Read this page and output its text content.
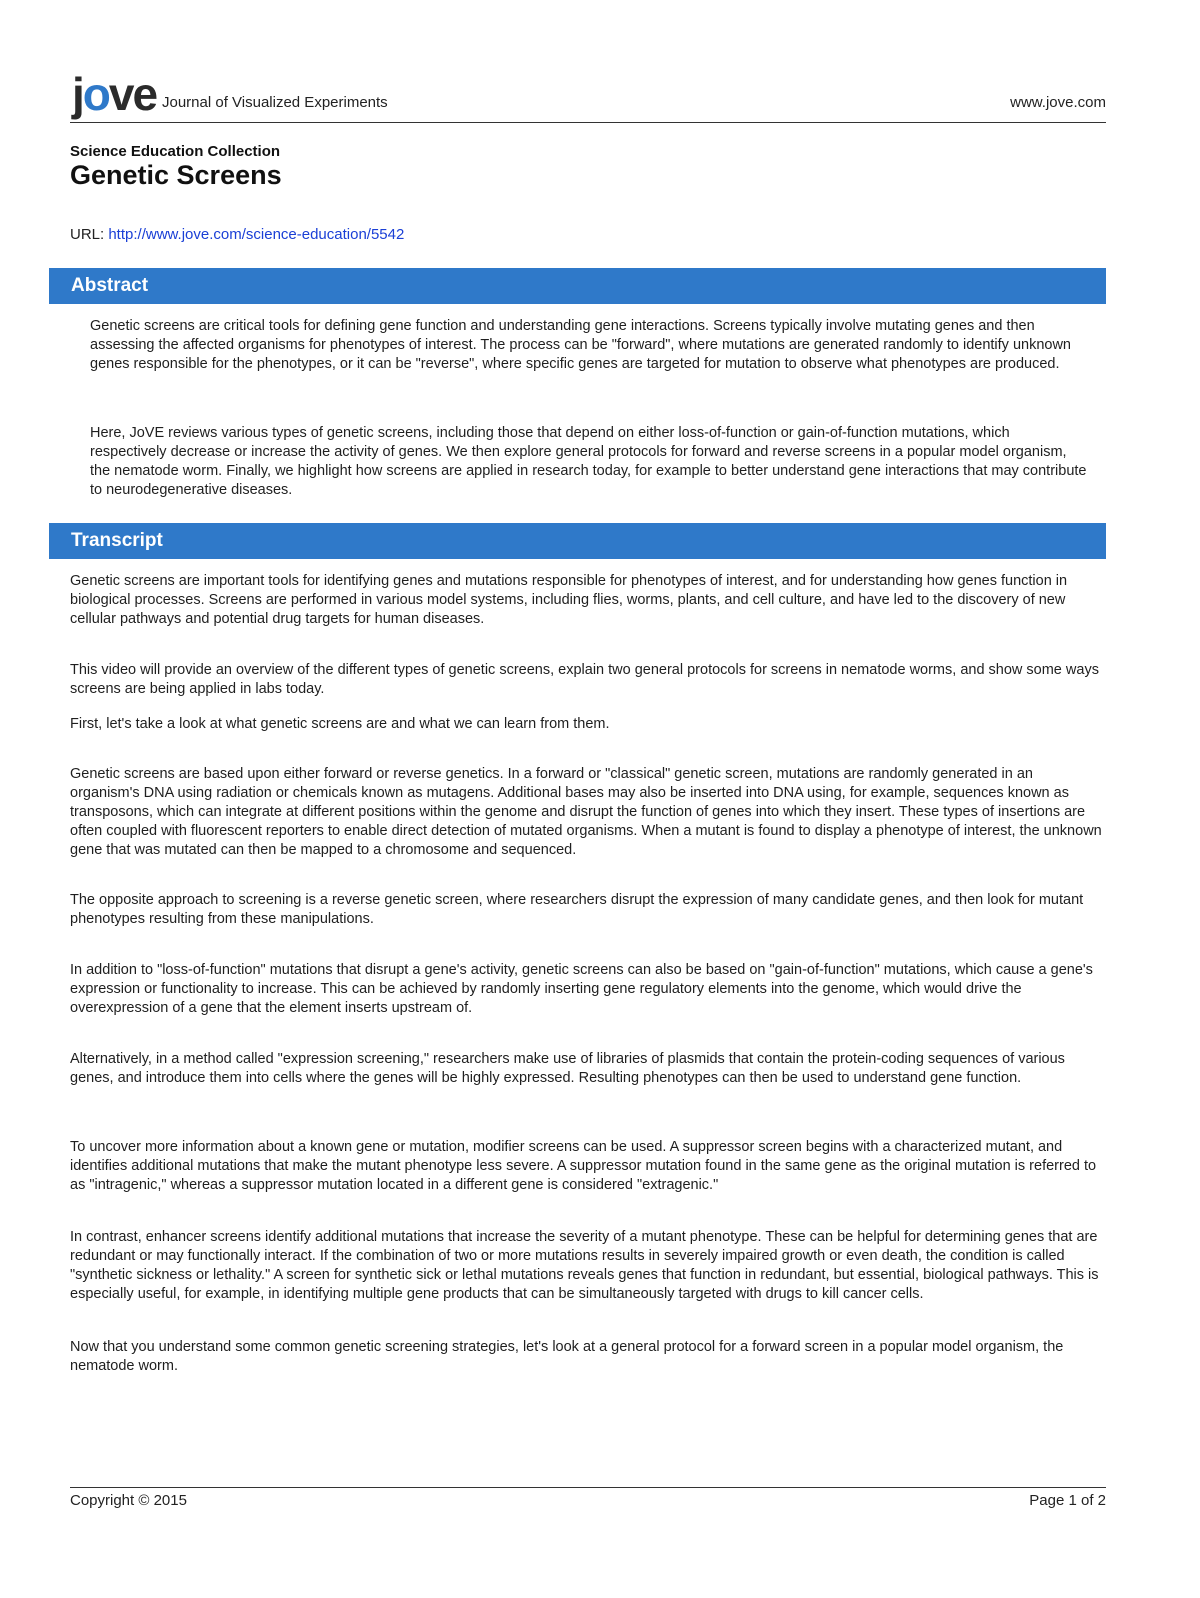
jove Journal of Visualized Experiments	www.jove.com
Science Education Collection
Genetic Screens
URL: http://www.jove.com/science-education/5542
Abstract

Genetic screens are critical tools for defining gene function and understanding gene interactions. Screens typically involve mutating genes and then assessing the affected organisms for phenotypes of interest. The process can be "forward", where mutations are generated randomly to identify unknown genes responsible for the phenotypes, or it can be "reverse", where specific genes are targeted for mutation to observe what phenotypes are produced.

Here, JoVE reviews various types of genetic screens, including those that depend on either loss-of-function or gain-of-function mutations, which respectively decrease or increase the activity of genes. We then explore general protocols for forward and reverse screens in a popular model organism, the nematode worm. Finally, we highlight how screens are applied in research today, for example to better understand gene interactions that may contribute to neurodegenerative diseases.

Transcript

Genetic screens are important tools for identifying genes and mutations responsible for phenotypes of interest, and for understanding how genes function in biological processes. Screens are performed in various model systems, including flies, worms, plants, and cell culture, and have led to the discovery of new cellular pathways and potential drug targets for human diseases.

This video will provide an overview of the different types of genetic screens, explain two general protocols for screens in nematode worms, and show some ways screens are being applied in labs today.

First, let's take a look at what genetic screens are and what we can learn from them.

Genetic screens are based upon either forward or reverse genetics. In a forward or "classical" genetic screen, mutations are randomly generated in an organism's DNA using radiation or chemicals known as mutagens. Additional bases may also be inserted into DNA using, for example, sequences known as transposons, which can integrate at different positions within the genome and disrupt the function of genes into which they insert. These types of insertions are often coupled with fluorescent reporters to enable direct detection of mutated organisms. When a mutant is found to display a phenotype of interest, the unknown gene that was mutated can then be mapped to a chromosome and sequenced.

The opposite approach to screening is a reverse genetic screen, where researchers disrupt the expression of many candidate genes, and then look for mutant phenotypes resulting from these manipulations.

In addition to "loss-of-function" mutations that disrupt a gene's activity, genetic screens can also be based on "gain-of-function" mutations, which cause a gene's expression or functionality to increase. This can be achieved by randomly inserting gene regulatory elements into the genome, which would drive the overexpression of a gene that the element inserts upstream of.

Alternatively, in a method called "expression screening," researchers make use of libraries of plasmids that contain the protein-coding sequences of various genes, and introduce them into cells where the genes will be highly expressed. Resulting phenotypes can then be used to understand gene function.

To uncover more information about a known gene or mutation, modifier screens can be used. A suppressor screen begins with a characterized mutant, and identifies additional mutations that make the mutant phenotype less severe. A suppressor mutation found in the same gene as the original mutation is referred to as "intragenic," whereas a suppressor mutation located in a different gene is considered "extragenic."

In contrast, enhancer screens identify additional mutations that increase the severity of a mutant phenotype. These can be helpful for determining genes that are redundant or may functionally interact. If the combination of two or more mutations results in severely impaired growth or even death, the condition is called "synthetic sickness or lethality." A screen for synthetic sick or lethal mutations reveals genes that function in redundant, but essential, biological pathways. This is especially useful, for example, in identifying multiple gene products that can be simultaneously targeted with drugs to kill cancer cells.

Now that you understand some common genetic screening strategies, let's look at a general protocol for a forward screen in a popular model organism, the nematode worm.

Copyright © 2015	Page 1 of 2
